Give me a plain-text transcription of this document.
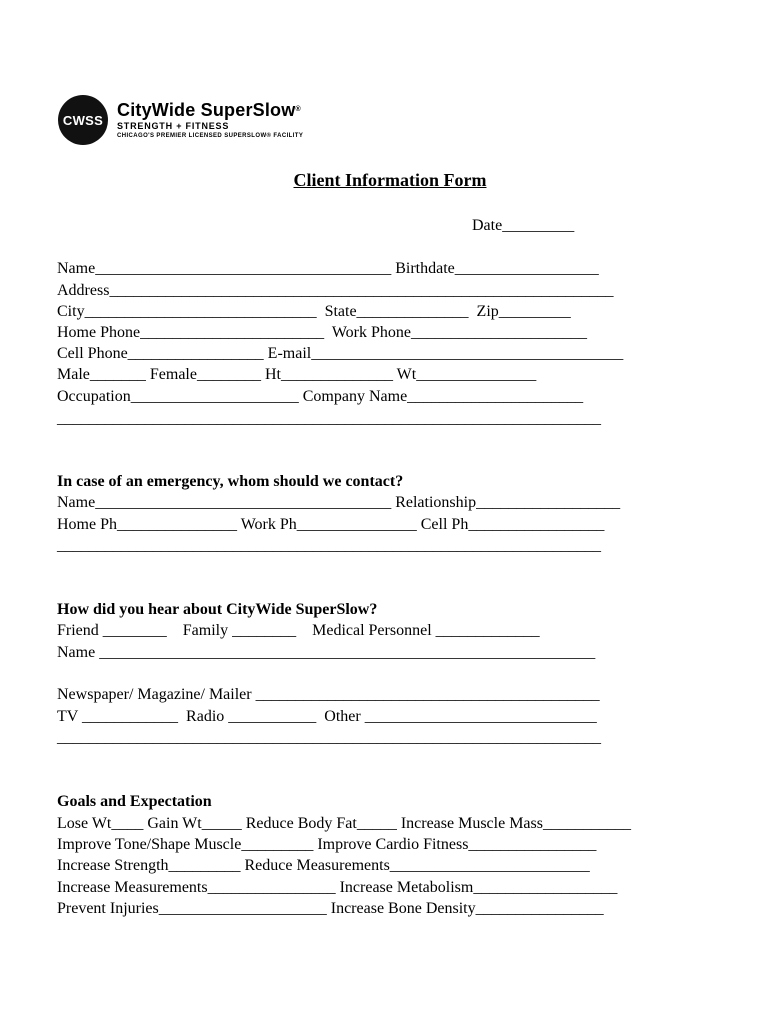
CWSS
CityWide SuperSlow®
STRENGTH + FITNESS
CHICAGO'S PREMIER LICENSED SUPERSLOW® FACILITY
Client Information Form
Date_________
Name_____________________________________ Birthdate__________________
Address_______________________________________________________________
City_____________________________  State______________  Zip_________
Home Phone_______________________  Work Phone______________________
Cell Phone_________________ E-mail_______________________________________
Male_______ Female________ Ht______________ Wt_______________
Occupation_____________________ Company Name______________________
____________________________________________________________________
In case of an emergency, whom should we contact?
Name_____________________________________ Relationship__________________
Home Ph_______________ Work Ph_______________ Cell Ph_________________
____________________________________________________________________
How did you hear about CityWide SuperSlow?
Friend ________    Family ________    Medical Personnel _____________
Name ______________________________________________________________
Newspaper/ Magazine/ Mailer ___________________________________________
TV ____________  Radio ___________  Other _____________________________
____________________________________________________________________
Goals and Expectation
Lose Wt____ Gain Wt_____ Reduce Body Fat_____ Increase Muscle Mass___________
Improve Tone/Shape Muscle_________ Improve Cardio Fitness________________
Increase Strength_________ Reduce Measurements_________________________
Increase Measurements________________ Increase Metabolism__________________
Prevent Injuries_____________________ Increase Bone Density________________
